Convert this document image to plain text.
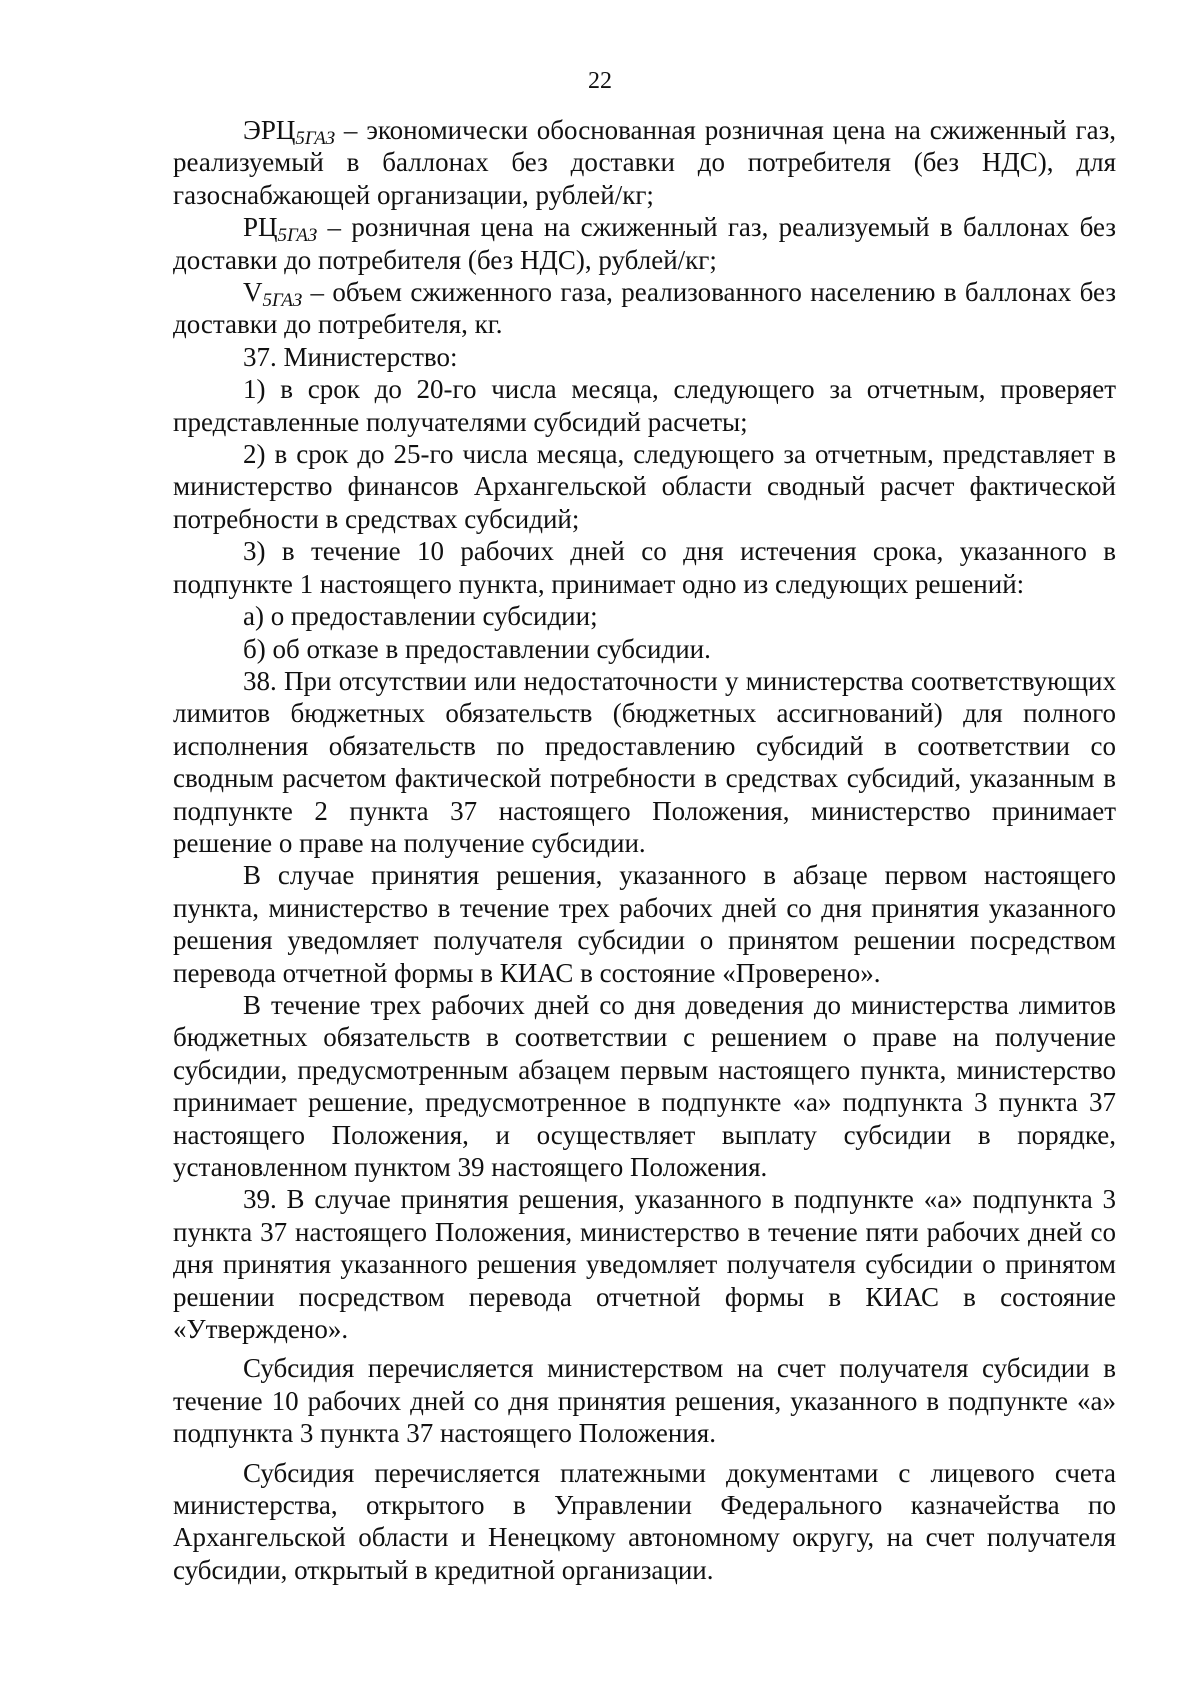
22

$ЭРЦ_{5ГАЗ}$ – экономически обоснованная розничная цена на сжиженный газ, реализуемый в баллонах без доставки до потребителя (без НДС), для газоснабжающей организации, рублей/кг;

$РЦ_{5ГАЗ}$ – розничная цена на сжиженный газ, реализуемый в баллонах без доставки до потребителя (без НДС), рублей/кг;

$V_{5ГАЗ}$ – объем сжиженного газа, реализованного населению в баллонах без доставки до потребителя, кг.

37. Министерство:

1) в срок до 20-го числа месяца, следующего за отчетным, проверяет представленные получателями субсидий расчеты;

2) в срок до 25-го числа месяца, следующего за отчетным, представляет в министерство финансов Архангельской области сводный расчет фактической потребности в средствах субсидий;

3) в течение 10 рабочих дней со дня истечения срока, указанного в подпункте 1 настоящего пункта, принимает одно из следующих решений:

а) о предоставлении субсидии;

б) об отказе в предоставлении субсидии.

38. При отсутствии или недостаточности у министерства соответствующих лимитов бюджетных обязательств (бюджетных ассигнований) для полного исполнения обязательств по предоставлению субсидий в соответствии со сводным расчетом фактической потребности в средствах субсидий, указанным в подпункте 2 пункта 37 настоящего Положения, министерство принимает решение о праве на получение субсидии.

В случае принятия решения, указанного в абзаце первом настоящего пункта, министерство в течение трех рабочих дней со дня принятия указанного решения уведомляет получателя субсидии о принятом решении посредством перевода отчетной формы в КИАС в состояние «Проверено».

В течение трех рабочих дней со дня доведения до министерства лимитов бюджетных обязательств в соответствии с решением о праве на получение субсидии, предусмотренным абзацем первым настоящего пункта, министерство принимает решение, предусмотренное в подпункте «а» подпункта 3 пункта 37 настоящего Положения, и осуществляет выплату субсидии в порядке, установленном пунктом 39 настоящего Положения.

39. В случае принятия решения, указанного в подпункте «а» подпункта 3 пункта 37 настоящего Положения, министерство в течение пяти рабочих дней со дня принятия указанного решения уведомляет получателя субсидии о принятом решении посредством перевода отчетной формы в КИАС в состояние «Утверждено».

Субсидия перечисляется министерством на счет получателя субсидии в течение 10 рабочих дней со дня принятия решения, указанного в подпункте «а» подпункта 3 пункта 37 настоящего Положения.

Субсидия перечисляется платежными документами с лицевого счета министерства, открытого в Управлении Федерального казначейства по Архангельской области и Ненецкому автономному округу, на счет получателя субсидии, открытый в кредитной организации.
